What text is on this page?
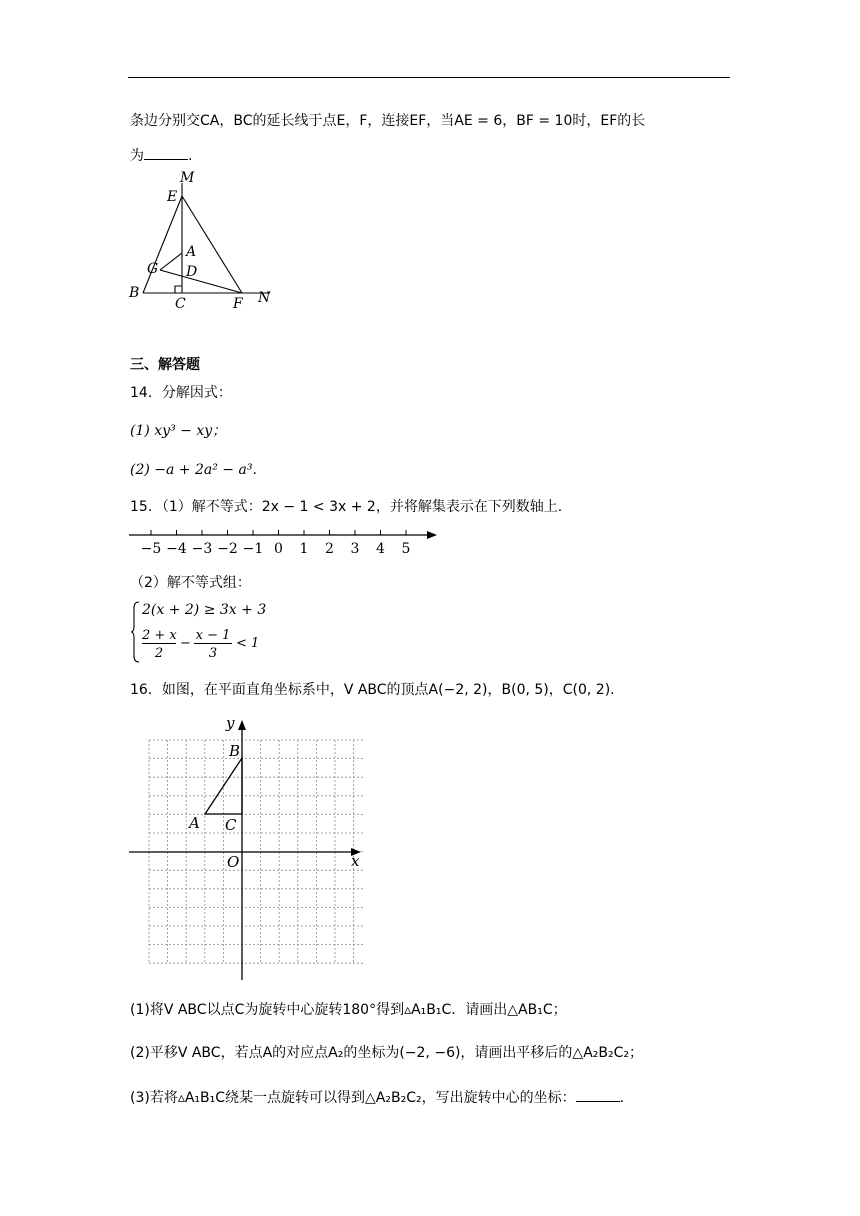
条边分别交CA，BC的延长线于点E，F，连接EF，当AE = 6，BF = 10时，EF的长
为	.
M
E
A
G D
B
C	F N
三、解答题
14．分解因式：
(1) xy³ − xy；
(2) −a + 2a² − a³.
15．（1）解不等式：2x − 1 < 3x + 2，并将解集表示在下列数轴上.
−5 −4 −3 −2 −1 0 1 2 3 4 5
（2）解不等式组：
2(x + 2) ≥ 3x + 3
2 + x
2
−
x − 1
3
< 1
16．如图，在平面直角坐标系中，V ABC的顶点A(−2, 2)，B(0, 5)，C(0, 2).
x
y
O
A
B
C
(1)将V ABC以点C为旋转中心旋转180°得到▵A₁B₁C．请画出△AB₁C；
(2)平移V ABC，若点A的对应点A₂的坐标为(−2, −6)，请画出平移后的△A₂B₂C₂；
(3)若将▵A₁B₁C绕某一点旋转可以得到△A₂B₂C₂，写出旋转中心的坐标：	.
